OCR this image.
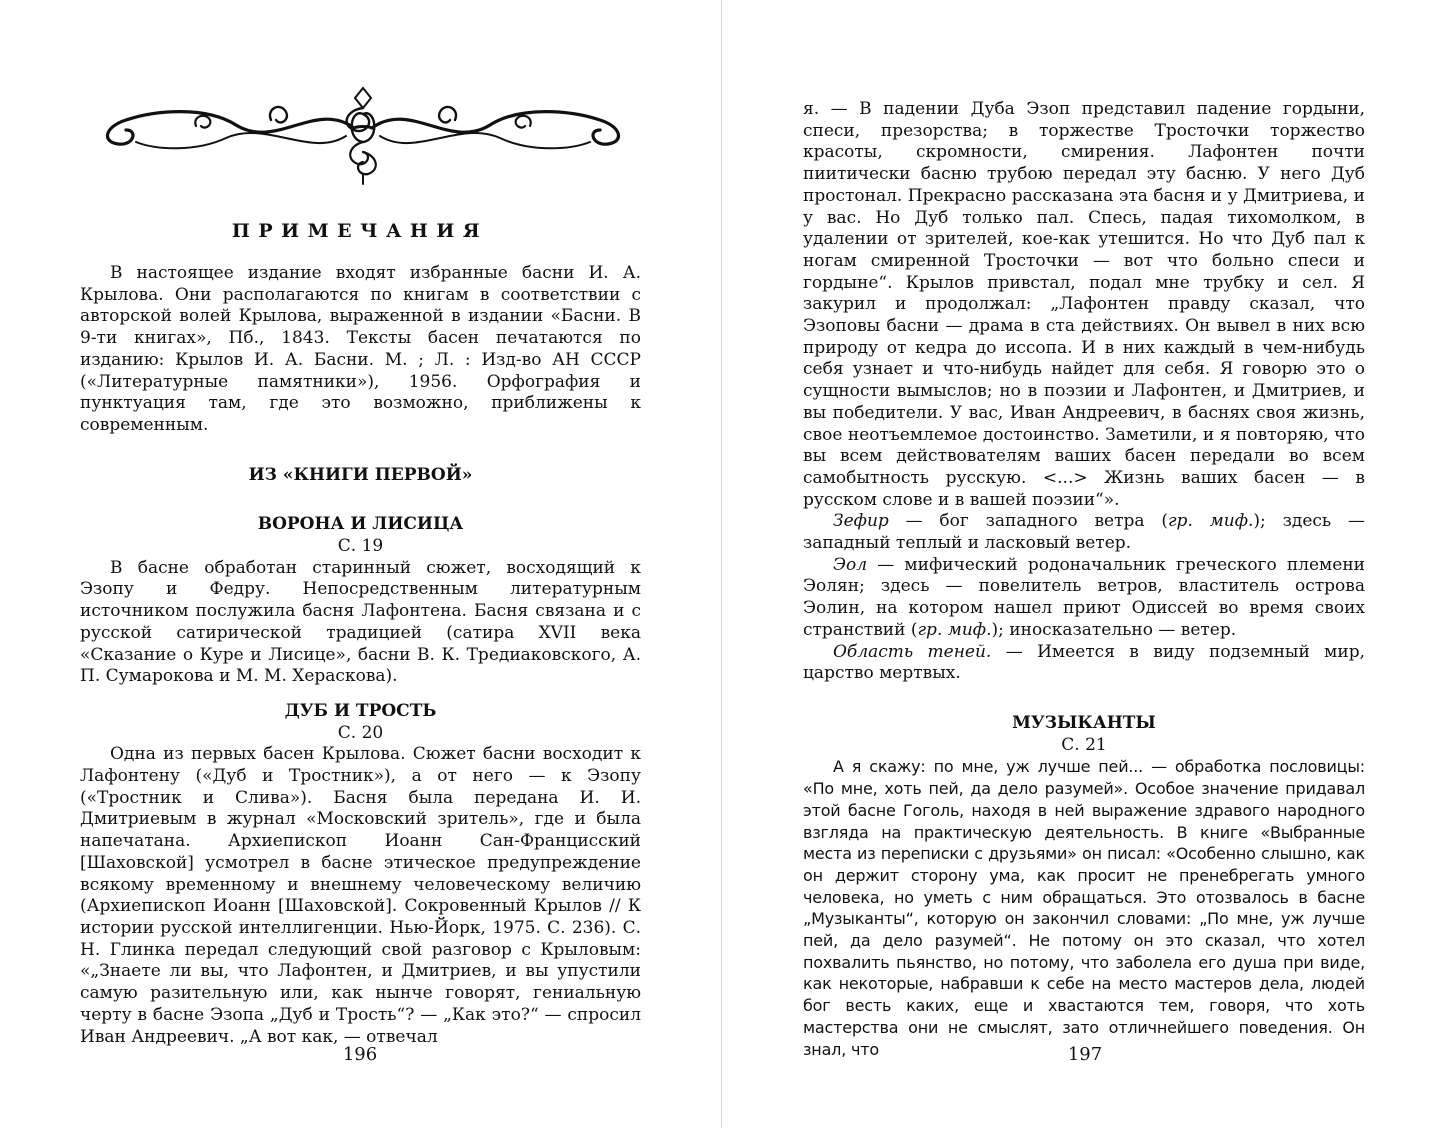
ПРИМЕЧАНИЯ

В настоящее издание входят избранные басни И. А. Крылова. Они располагаются по книгам в соответствии с авторской волей Крылова, выраженной в издании «Басни. В 9-ти книгах», Пб., 1843. Тексты басен печатаются по изданию: Крылов И. А. Басни. М. ; Л. : Изд-во АН СССР («Литературные памятники»), 1956. Орфография и пунктуация там, где это возможно, приближены к современным.

ИЗ «КНИГИ ПЕРВОЙ»
ВОРОНА И ЛИСИЦА

С. 19

В басне обработан старинный сюжет, восходящий к Эзопу и Федру. Непосредственным литературным источником послужила басня Лафонтена. Басня связана и с русской сатирической традицией (сатира XVII века «Сказание о Куре и Лисице», басни В. К. Тредиаковского, А. П. Сумарокова и М. М. Хераскова).

ДУБ И ТРОСТЬ

С. 20

Одна из первых басен Крылова. Сюжет басни восходит к Лафонтену («Дуб и Тростник»), а от него — к Эзопу («Тростник и Слива»). Басня была передана И. И. Дмитриевым в журнал «Московский зритель», где и была напечатана. Архиепископ Иоанн Сан-Францисский [Шаховской] усмотрел в басне этическое предупреждение всякому временному и внешнему человеческому величию (Архиепископ Иоанн [Шаховской]. Сокровенный Крылов // К истории русской интеллигенции. Нью-Йорк, 1975. С. 236). С. Н. Глинка передал следующий свой разговор с Крыловым: «„Знаете ли вы, что Лафонтен, и Дмитриев, и вы упустили самую разительную или, как нынче говорят, гениальную черту в басне Эзопа „Дуб и Трость“? — „Как это?“ — спросил Иван Андреевич. „А вот как, — отвечал

196

я. — В падении Дуба Эзоп представил падение гордыни, спеси, презорства; в торжестве Тросточки торжество красоты, скромности, смирения. Лафонтен почти пиитически басню трубою передал эту басню. У него Дуб простонал. Прекрасно рассказана эта басня и у Дмитриева, и у вас. Но Дуб только пал. Спесь, падая тихомолком, в удалении от зрителей, кое-как утешится. Но что Дуб пал к ногам смиренной Тросточки — вот что больно спеси и гордыне“. Крылов привстал, подал мне трубку и сел. Я закурил и продолжал: „Лафонтен правду сказал, что Эзоповы басни — драма в ста действиях. Он вывел в них всю природу от кедра до иссопа. И в них каждый в чем-нибудь себя узнает и что-нибудь найдет для себя. Я говорю это о сущности вымыслов; но в поэзии и Лафонтен, и Дмитриев, и вы победители. У вас, Иван Андреевич, в баснях своя жизнь, свое неотъемлемое достоинство. Заметили, и я повторяю, что вы всем действователям ваших басен передали во всем самобытность русскую. <...> Жизнь ваших басен — в русском слове и в вашей поэзии“».

Зефир — бог западного ветра (гр. миф.); здесь — западный теплый и ласковый ветер.

Эол — мифический родоначальник греческого племени Эолян; здесь — повелитель ветров, властитель острова Эолин, на котором нашел приют Одиссей во время своих странствий (гр. миф.); иносказательно — ветер.

Область теней. — Имеется в виду подземный мир, царство мертвых.

МУЗЫКАНТЫ

С. 21

А я скажу: по мне, уж лучше пей... — обработка пословицы: «По мне, хоть пей, да дело разумей». Особое значение придавал этой басне Гоголь, находя в ней выражение здравого народного взгляда на практическую деятельность. В книге «Выбранные места из переписки с друзьями» он писал: «Особенно слышно, как он держит сторону ума, как просит не пренебрегать умного человека, но уметь с ним обращаться. Это отозвалось в басне „Музыканты“, которую он закончил словами: „По мне, уж лучше пей, да дело разумей“. Не потому он это сказал, что хотел похвалить пьянство, но потому, что заболела его душа при виде, как некоторые, набравши к себе на место мастеров дела, людей бог весть каких, еще и хвастаются тем, говоря, что хоть мастерства они не смыслят, зато отличнейшего поведения. Он знал, что	197
